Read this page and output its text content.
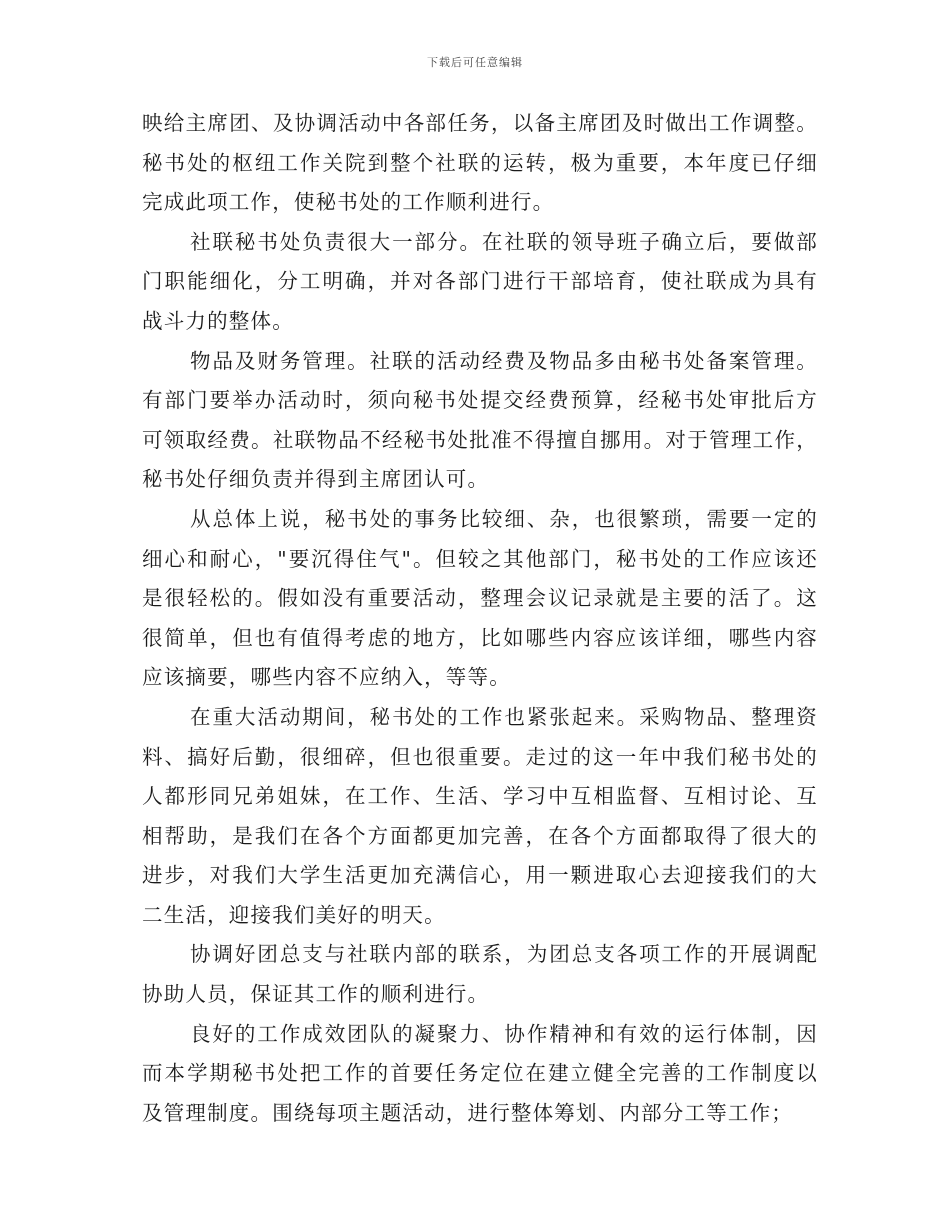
下载后可任意编辑
映给主席团、及协调活动中各部任务，以备主席团及时做出工作调整。
秘书处的枢纽工作关院到整个社联的运转，极为重要，本年度已仔细
完成此项工作，使秘书处的工作顺利进行。
社联秘书处负责很大一部分。在社联的领导班子确立后，要做部
门职能细化，分工明确，并对各部门进行干部培育，使社联成为具有
战斗力的整体。
物品及财务管理。社联的活动经费及物品多由秘书处备案管理。
有部门要举办活动时，须向秘书处提交经费预算，经秘书处审批后方
可领取经费。社联物品不经秘书处批准不得擅自挪用。对于管理工作，
秘书处仔细负责并得到主席团认可。
从总体上说，秘书处的事务比较细、杂，也很繁琐，需要一定的
细心和耐心，"要沉得住气"。但较之其他部门，秘书处的工作应该还
是很轻松的。假如没有重要活动，整理会议记录就是主要的活了。这
很简单，但也有值得考虑的地方，比如哪些内容应该详细，哪些内容
应该摘要，哪些内容不应纳入，等等。
在重大活动期间，秘书处的工作也紧张起来。采购物品、整理资
料、搞好后勤，很细碎，但也很重要。走过的这一年中我们秘书处的
人都形同兄弟姐妹，在工作、生活、学习中互相监督、互相讨论、互
相帮助，是我们在各个方面都更加完善，在各个方面都取得了很大的
进步，对我们大学生活更加充满信心，用一颗进取心去迎接我们的大
二生活，迎接我们美好的明天。
协调好团总支与社联内部的联系，为团总支各项工作的开展调配
协助人员，保证其工作的顺利进行。
良好的工作成效团队的凝聚力、协作精神和有效的运行体制，因
而本学期秘书处把工作的首要任务定位在建立健全完善的工作制度以
及管理制度。围绕每项主题活动，进行整体筹划、内部分工等工作；
